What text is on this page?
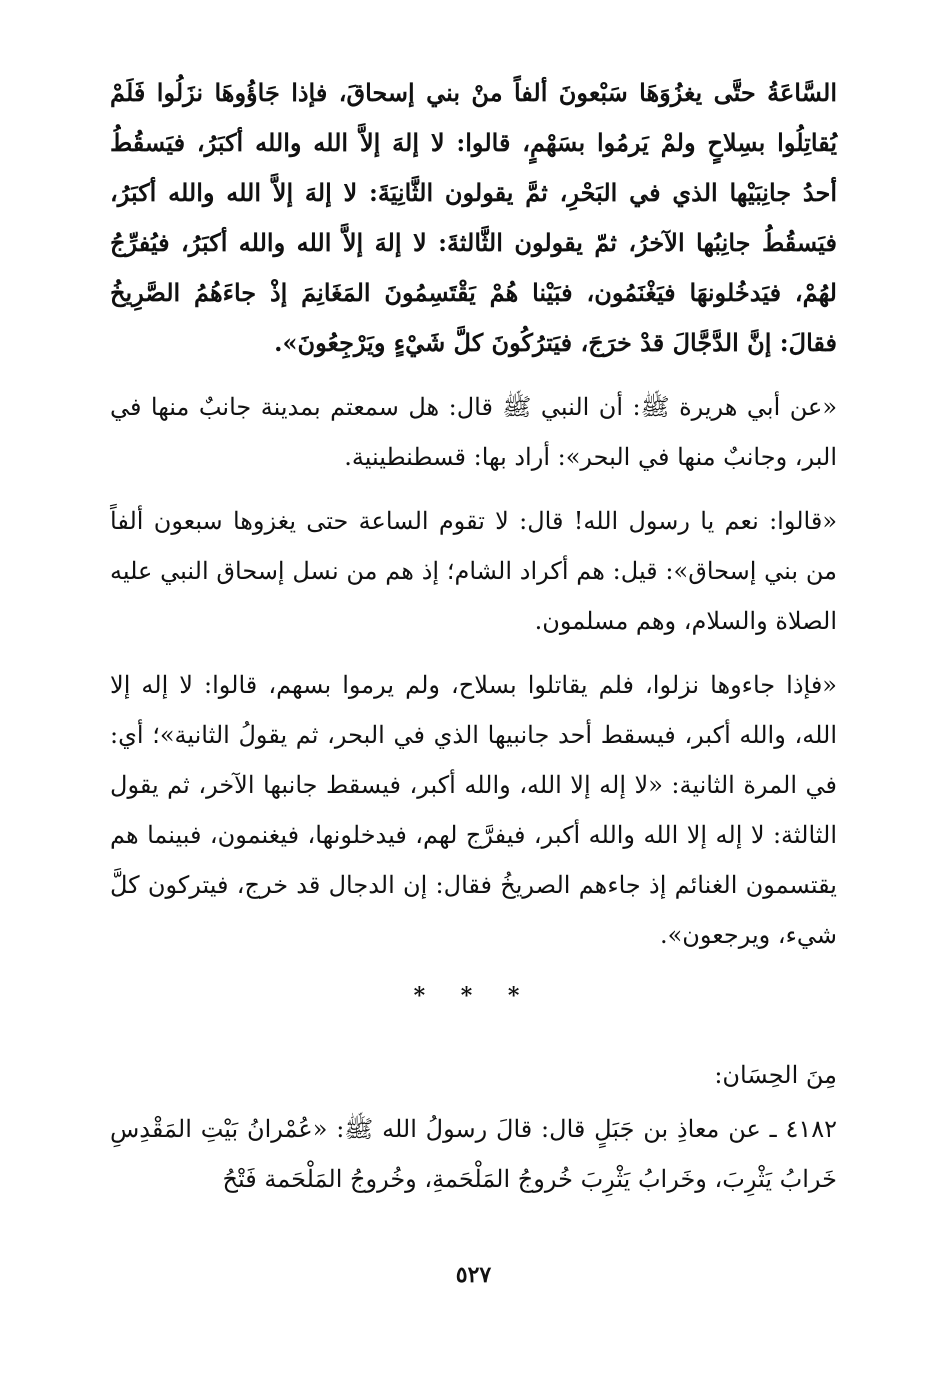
السَّاعَةُ حتَّى يغزُوَهَا سَبْعونَ ألفاً منْ بني إسحاقَ، فإذا جَاؤُوهَا نزَلُوا فَلَمْ يُقاتِلُوا بسِلاحٍ ولمْ يَرمُوا بسَهْمٍ، قالوا: لا إلهَ إلاَّ الله والله أكبَرُ، فيَسقُطُ أحدُ جانِبَيْها الذي في البَحْرِ، ثمَّ يقولون الثَّانِيَةَ: لا إلهَ إلاَّ الله والله أكبَرُ، فيَسقُطُ جانِبُها الآخرُ، ثمّ يقولون الثَّالثةَ: لا إلهَ إلاَّ الله والله أكبَرُ، فيُفرِّجُ لهُمْ، فيَدخُلونهَا فيَغْنَمُون، فبَيْنا هُمْ يَقْتَسِمُونَ المَغَانِمَ إذْ جاءَهُمُ الصَّرِيخُ فقالَ: إنَّ الدَّجَّالَ قدْ خرَجَ، فيَترُكُونَ كلَّ شَيْءٍ ويَرْجِعُونَ».

«عن أبي هريرة ﷺ: أن النبي ﷺ قال: هل سمعتم بمدينة جانبٌ منها في البر، وجانبٌ منها في البحر»: أراد بها: قسطنطينية.

«قالوا: نعم يا رسول الله! قال: لا تقوم الساعة حتى يغزوها سبعون ألفاً من بني إسحاق»: قيل: هم أكراد الشام؛ إذ هم من نسل إسحاق النبي عليه الصلاة والسلام، وهم مسلمون.

«فإذا جاءوها نزلوا، فلم يقاتلوا بسلاح، ولم يرموا بسهم، قالوا: لا إله إلا الله، والله أكبر، فيسقط أحد جانبيها الذي في البحر، ثم يقولُ الثانية»؛ أي: في المرة الثانية: «لا إله إلا الله، والله أكبر، فيسقط جانبها الآخر، ثم يقول الثالثة: لا إله إلا الله والله أكبر، فيفرَّج لهم، فيدخلونها، فيغنمون، فبينما هم يقتسمون الغنائم إذ جاءهم الصريخُ فقال: إن الدجال قد خرج، فيتركون كلَّ شيء، ويرجعون».

* * *
مِنَ الحِسَان:

٤١٨٢ ـ عن معاذِ بن جَبَلٍ قال: قالَ رسولُ الله ﷺ: «عُمْرانُ بَيْتِ المَقْدِسِ خَرابُ يَثْرِبَ، وخَرابُ يَثْرِبَ خُروجُ المَلْحَمةِ، وخُروجُ المَلْحَمة فَتْحُ

٥٢٧
